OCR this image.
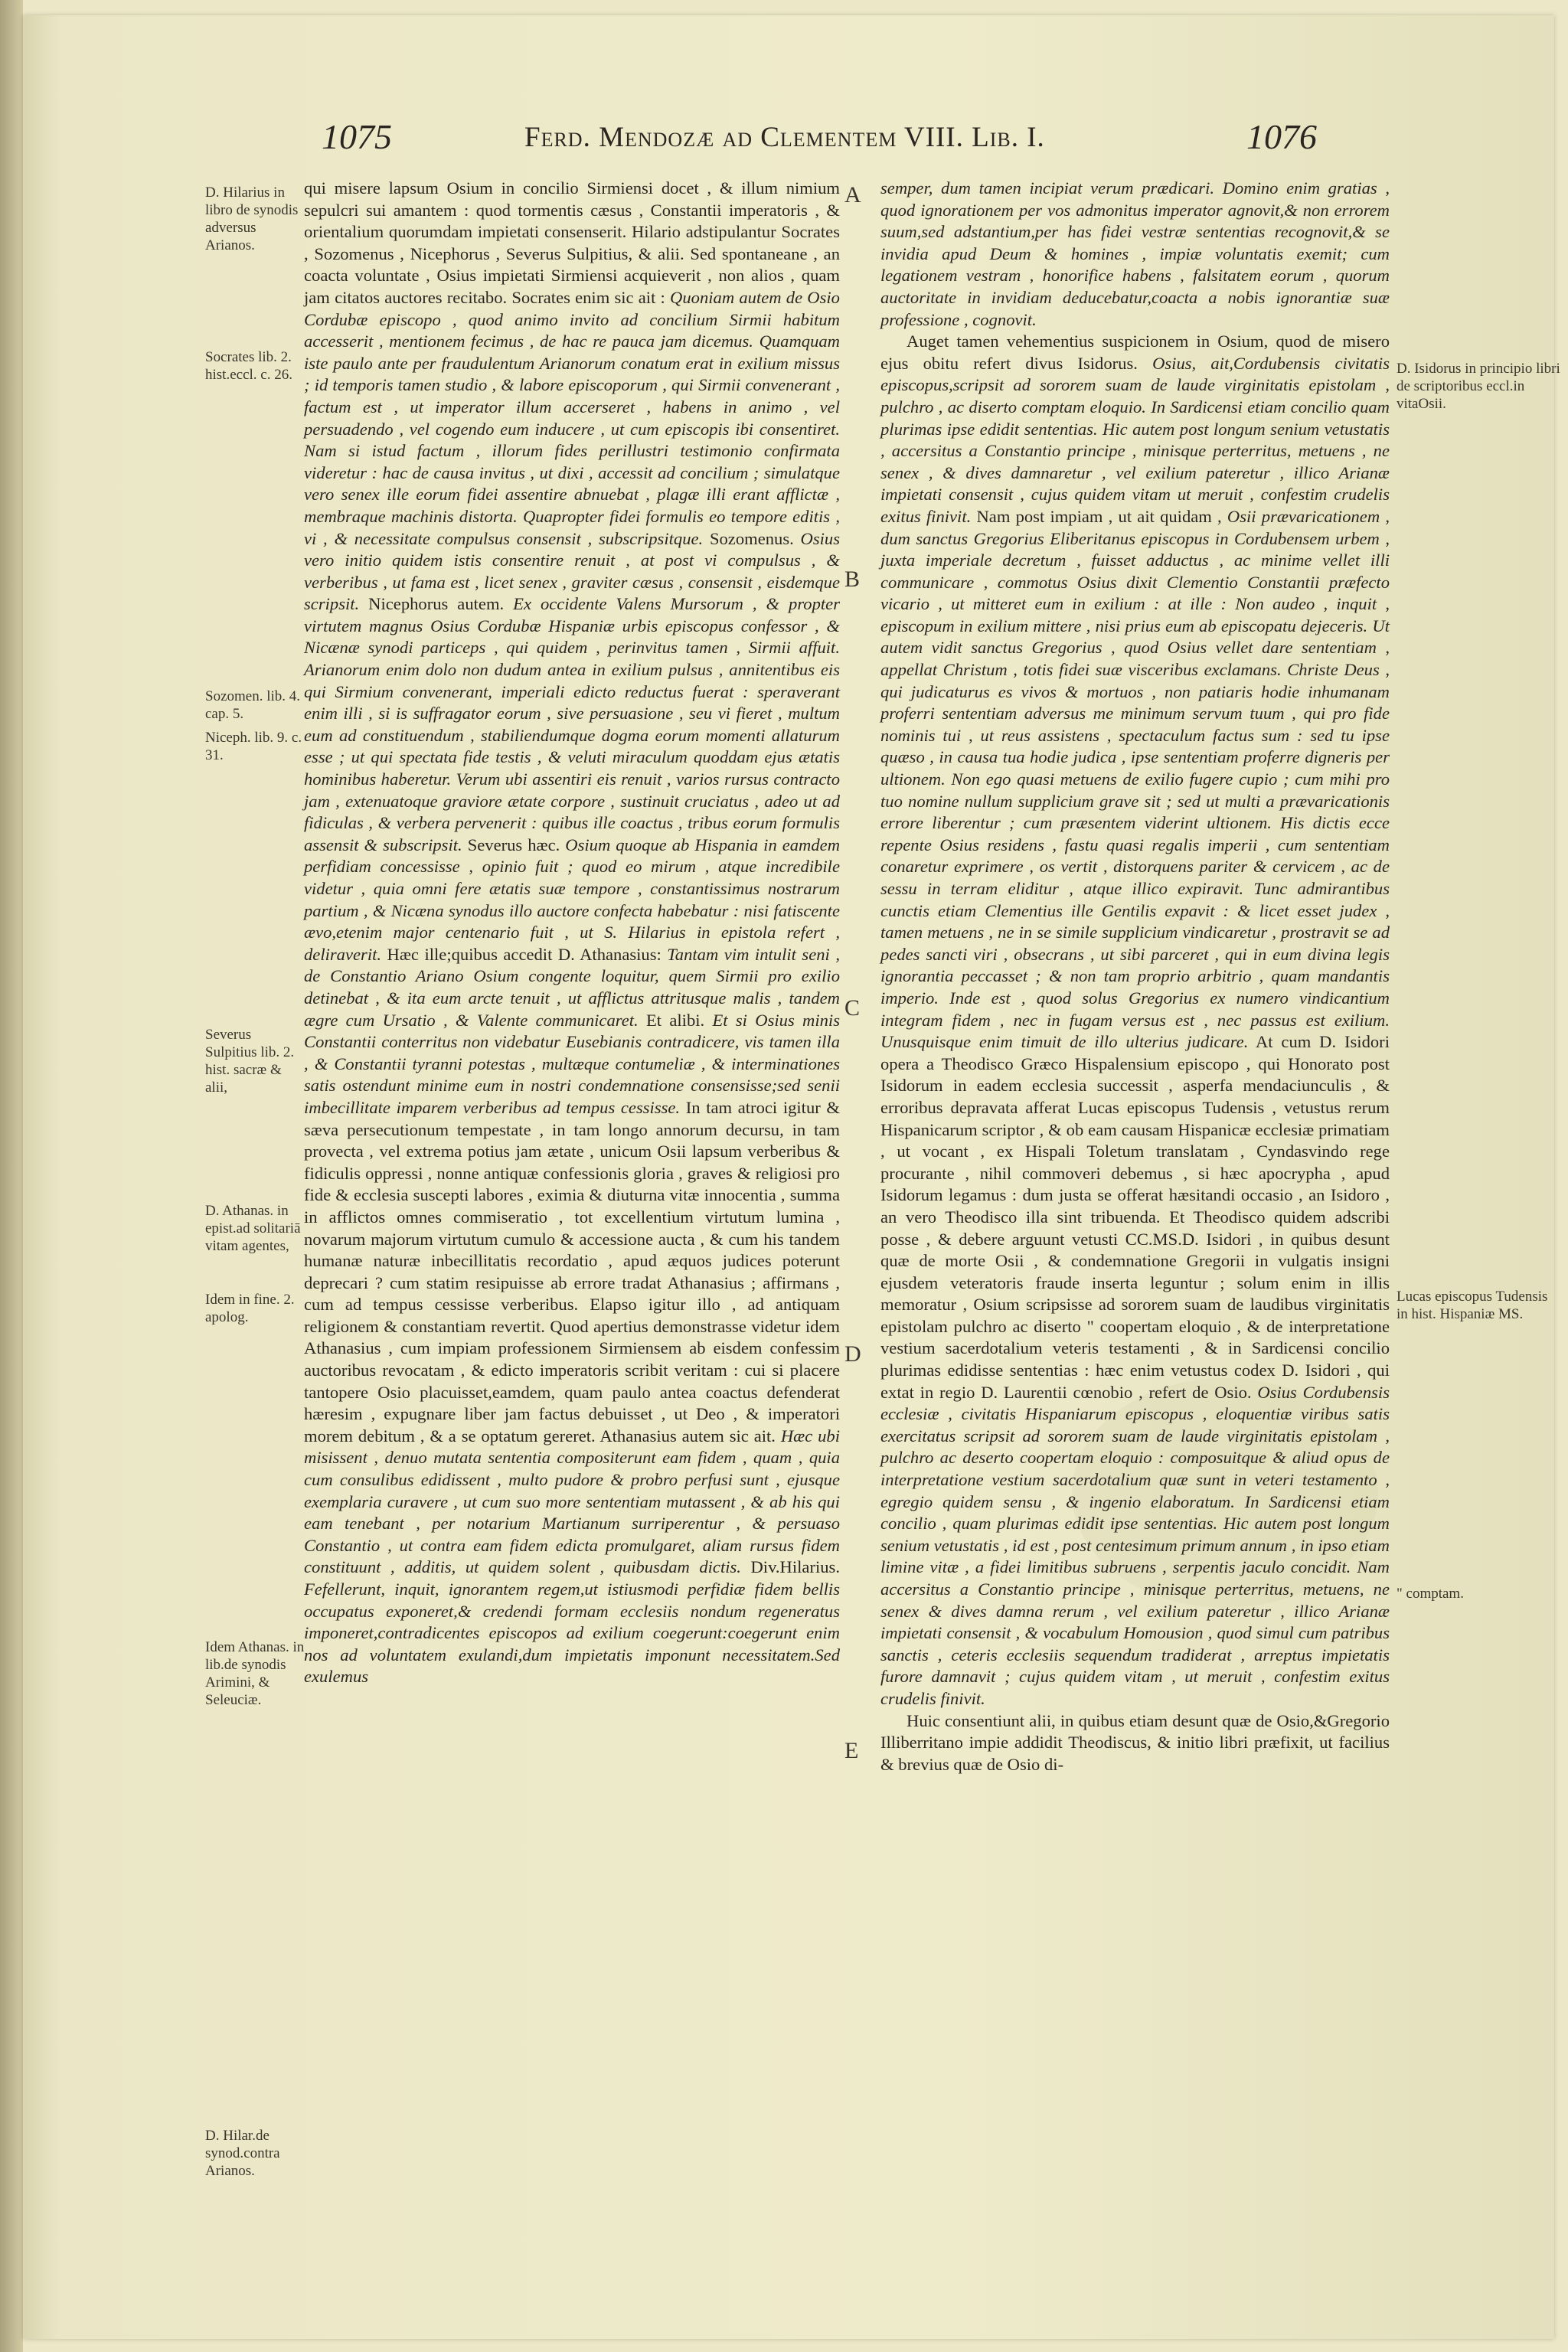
1075	Ferd. Mendozæ ad Clementem VIII. Lib. I.	1076
D. Hilarius in libro de synodis adversus Arianos.
Socrates lib. 2. hist.eccl. c. 26.
Sozomen. lib. 4. cap. 5.
Niceph. lib. 9. c. 31.
Severus Sulpitius lib. 2. hist. sacræ & alii,
D. Athanas. in epist.ad solitariā vitam agentes,
Idem in fine. 2. apolog.
Idem Athanas. in lib.de synodis Arimini, & Seleuciæ.
D. Hilar.de synod.contra Arianos.
D. Isidorus in principio libri de scriptoribus eccl.in vitaOsii.
Lucas episcopus Tudensis in hist. Hispaniæ MS.
" comptam.
A
B
C
D
E

qui misere lapsum Osium in concilio Sirmiensi docet , & illum nimium sepulcri sui amantem : quod tormentis cæsus , Constantii imperatoris , & orientalium quorumdam impietati consenserit. Hilario adstipulantur Socrates , Sozomenus , Nicephorus , Severus Sulpitius, & alii. Sed spontaneane , an coacta voluntate , Osius impietati Sirmiensi acquieverit , non alios , quam jam citatos auctores recitabo. Socrates enim sic ait : Quoniam autem de Osio Cordubæ episcopo , quod animo invito ad concilium Sirmii habitum accesserit , mentionem fecimus , de hac re pauca jam dicemus. Quamquam iste paulo ante per fraudulentum Arianorum conatum erat in exilium missus ; id temporis tamen studio , & labore episcoporum , qui Sirmii convenerant , factum est , ut imperator illum accerseret , habens in animo , vel persuadendo , vel cogendo eum inducere , ut cum episcopis ibi consentiret. Nam si istud factum , illorum fides perillustri testimonio confirmata videretur : hac de causa invitus , ut dixi , accessit ad concilium ; simulatque vero senex ille eorum fidei assentire abnuebat , plagæ illi erant afflictæ , membraque machinis distorta. Quapropter fidei formulis eo tempore editis , vi , & necessitate compulsus consensit , subscripsitque. Sozomenus. Osius vero initio quidem istis consentire renuit , at post vi compulsus , & verberibus , ut fama est , licet senex , graviter cæsus , consensit , eisdemque scripsit. Nicephorus autem. Ex occidente Valens Mursorum , & propter virtutem magnus Osius Cordubæ Hispaniæ urbis episcopus confessor , & Nicænæ synodi particeps , qui quidem , perinvitus tamen , Sirmii affuit. Arianorum enim dolo non dudum antea in exilium pulsus , annitentibus eis qui Sirmium convenerant, imperiali edicto reductus fuerat : speraverant enim illi , si is suffragator eorum , sive persuasione , seu vi fieret , multum eum ad constituendum , stabiliendumque dogma eorum momenti allaturum esse ; ut qui spectata fide testis , & veluti miraculum quoddam ejus ætatis hominibus haberetur. Verum ubi assentiri eis renuit , varios rursus contracto jam , extenuatoque graviore ætate corpore , sustinuit cruciatus , adeo ut ad fidiculas , & verbera pervenerit : quibus ille coactus , tribus eorum formulis assensit & subscripsit. Severus hæc. Osium quoque ab Hispania in eamdem perfidiam concessisse , opinio fuit ; quod eo mirum , atque incredibile videtur , quia omni fere ætatis suæ tempore , constantissimus nostrarum partium , & Nicæna synodus illo auctore confecta habebatur : nisi fatiscente ævo,etenim major centenario fuit , ut S. Hilarius in epistola refert , deliraverit. Hæc ille;quibus accedit D. Athanasius: Tantam vim intulit seni , de Constantio Ariano Osium congente loquitur, quem Sirmii pro exilio detinebat , & ita eum arcte tenuit , ut afflictus attritusque malis , tandem ægre cum Ursatio , & Valente communicaret. Et alibi. Et si Osius minis Constantii conterritus non videbatur Eusebianis contradicere, vis tamen illa , & Constantii tyranni potestas , multæque contumeliæ , & interminationes satis ostendunt minime eum in nostri condemnatione consensisse;sed senii imbecillitate imparem verberibus ad tempus cessisse. In tam atroci igitur & sæva persecutionum tempestate , in tam longo annorum decursu, in tam provecta , vel extrema potius jam ætate , unicum Osii lapsum verberibus & fidiculis oppressi , nonne antiquæ confessionis gloria , graves & religiosi pro fide & ecclesia suscepti labores , eximia & diuturna vitæ innocentia , summa in afflictos omnes commiseratio , tot excellentium virtutum lumina , novarum majorum virtutum cumulo & accessione aucta , & cum his tandem humanæ naturæ inbecillitatis recordatio , apud æquos judices poterunt deprecari ? cum statim resipuisse ab errore tradat Athanasius ; affirmans , cum ad tempus cessisse verberibus. Elapso igitur illo , ad antiquam religionem & constantiam revertit. Quod apertius demonstrasse videtur idem Athanasius , cum impiam professionem Sirmiensem ab eisdem confessim auctoribus revocatam , & edicto imperatoris scribit veritam : cui si placere tantopere Osio placuisset,eamdem, quam paulo antea coactus defenderat hæresim , expugnare liber jam factus debuisset , ut Deo , & imperatori morem debitum , & a se optatum gereret. Athanasius autem sic ait. Hæc ubi misissent , denuo mutata sententia compositerunt eam fidem , quam , quia cum consulibus edidissent , multo pudore & probro perfusi sunt , ejusque exemplaria curavere , ut cum suo more sententiam mutassent , & ab his qui eam tenebant , per notarium Martianum surriperentur , & persuaso Constantio , ut contra eam fidem edicta promulgaret, aliam rursus fidem constituunt , additis, ut quidem solent , quibusdam dictis. Div.Hilarius. Fefellerunt, inquit, ignorantem regem,ut istiusmodi perfidiæ fidem bellis occupatus exponeret,& credendi formam ecclesiis nondum regeneratus imponeret,contradicentes episcopos ad exilium coegerunt:coegerunt enim nos ad voluntatem exulandi,dum impietatis imponunt necessitatem.Sed exulemus

semper, dum tamen incipiat verum prædicari. Domino enim gratias , quod ignorationem per vos admonitus imperator agnovit,& non errorem suum,sed adstantium,per has fidei vestræ sententias recognovit,& se invidia apud Deum & homines , impiæ voluntatis exemit; cum legationem vestram , honorifice habens , falsitatem eorum , quorum auctoritate in invidiam deducebatur,coacta a nobis ignorantiæ suæ professione , cognovit.

Auget tamen vehementius suspicionem in Osium, quod de misero ejus obitu refert divus Isidorus. Osius, ait,Cordubensis civitatis episcopus,scripsit ad sororem suam de laude virginitatis epistolam , pulchro , ac diserto comptam eloquio. In Sardicensi etiam concilio quam plurimas ipse edidit sententias. Hic autem post longum senium vetustatis , accersitus a Constantio principe , minisque perterritus, metuens , ne senex , & dives damnaretur , vel exilium pateretur , illico Arianæ impietati consensit , cujus quidem vitam ut meruit , confestim crudelis exitus finivit. Nam post impiam , ut ait quidam , Osii prævaricationem , dum sanctus Gregorius Eliberitanus episcopus in Cordubensem urbem , juxta imperiale decretum , fuisset adductus , ac minime vellet illi communicare , commotus Osius dixit Clementio Constantii præfecto vicario , ut mitteret eum in exilium : at ille : Non audeo , inquit , episcopum in exilium mittere , nisi prius eum ab episcopatu dejeceris. Ut autem vidit sanctus Gregorius , quod Osius vellet dare sententiam , appellat Christum , totis fidei suæ visceribus exclamans. Christe Deus , qui judicaturus es vivos & mortuos , non patiaris hodie inhumanam proferri sententiam adversus me minimum servum tuum , qui pro fide nominis tui , ut reus assistens , spectaculum factus sum : sed tu ipse quæso , in causa tua hodie judica , ipse sententiam proferre digneris per ultionem. Non ego quasi metuens de exilio fugere cupio ; cum mihi pro tuo nomine nullum supplicium grave sit ; sed ut multi a prævaricationis errore liberentur ; cum præsentem viderint ultionem. His dictis ecce repente Osius residens , fastu quasi regalis imperii , cum sententiam conaretur exprimere , os vertit , distorquens pariter & cervicem , ac de sessu in terram eliditur , atque illico expiravit. Tunc admirantibus cunctis etiam Clementius ille Gentilis expavit : & licet esset judex , tamen metuens , ne in se simile supplicium vindicaretur , prostravit se ad pedes sancti viri , obsecrans , ut sibi parceret , qui in eum divina legis ignorantia peccasset ; & non tam proprio arbitrio , quam mandantis imperio. Inde est , quod solus Gregorius ex numero vindicantium integram fidem , nec in fugam versus est , nec passus est exilium. Unusquisque enim timuit de illo ulterius judicare. At cum D. Isidori opera a Theodisco Græco Hispalensium episcopo , qui Honorato post Isidorum in eadem ecclesia successit , asperfa mendaciunculis , & erroribus depravata afferat Lucas episcopus Tudensis , vetustus rerum Hispanicarum scriptor , & ob eam causam Hispanicæ ecclesiæ primatiam , ut vocant , ex Hispali Toletum translatam , Cyndasvindo rege procurante , nihil commoveri debemus , si hæc apocrypha , apud Isidorum legamus : dum justa se offerat hæsitandi occasio , an Isidoro , an vero Theodisco illa sint tribuenda. Et Theodisco quidem adscribi posse , & debere arguunt vetusti CC.MS.D. Isidori , in quibus desunt quæ de morte Osii , & condemnatione Gregorii in vulgatis insigni ejusdem veteratoris fraude inserta leguntur ; solum enim in illis memoratur , Osium scripsisse ad sororem suam de laudibus virginitatis epistolam pulchro ac diserto " coopertam eloquio , & de interpretatione vestium sacerdotalium veteris testamenti , & in Sardicensi concilio plurimas edidisse sententias : hæc enim vetustus codex D. Isidori , qui extat in regio D. Laurentii cœnobio , refert de Osio. Osius Cordubensis ecclesiæ , civitatis Hispaniarum episcopus , eloquentiæ viribus satis exercitatus scripsit ad sororem suam de laude virginitatis epistolam , pulchro ac deserto coopertam eloquio : composuitque & aliud opus de interpretatione vestium sacerdotalium quæ sunt in veteri testamento , egregio quidem sensu , & ingenio elaboratum. In Sardicensi etiam concilio , quam plurimas edidit ipse sententias. Hic autem post longum senium vetustatis , id est , post centesimum primum annum , in ipso etiam limine vitæ , a fidei limitibus subruens , serpentis jaculo concidit. Nam accersitus a Constantio principe , minisque perterritus, metuens, ne senex & dives damna rerum , vel exilium pateretur , illico Arianæ impietati consensit , & vocabulum Homousion , quod simul cum patribus sanctis , ceteris ecclesiis sequendum tradiderat , arreptus impietatis furore damnavit ; cujus quidem vitam , ut meruit , confestim exitus crudelis finivit.

Huic consentiunt alii, in quibus etiam desunt quæ de Osio,&Gregorio Illiberritano impie addidit Theodiscus, & initio libri præfixit, ut facilius & brevius quæ de Osio di-
